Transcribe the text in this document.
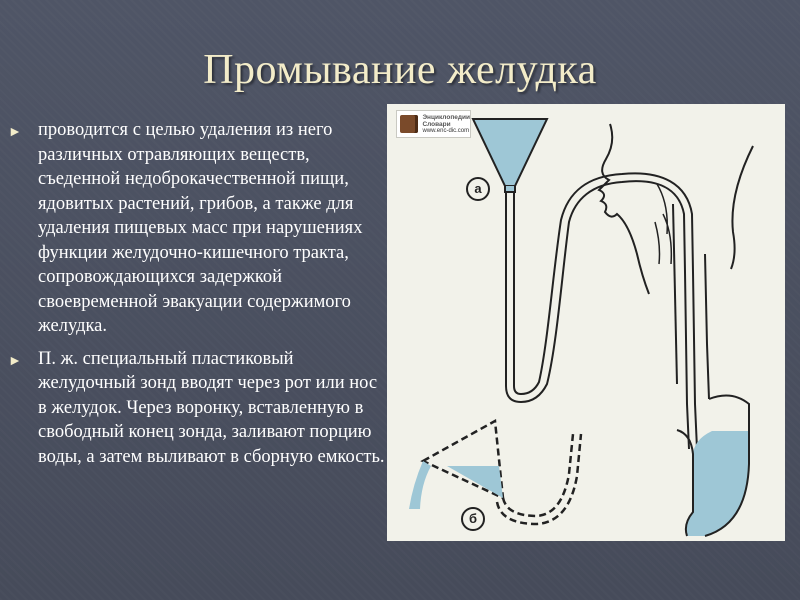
Промывание желудка
► проводится с целью удаления из него различных отравляющих веществ, съеденной недоброкачественной пищи, ядовитых растений, грибов, а также для удаления пищевых масс при нарушениях функции желудочно-кишечного тракта, сопровождающихся задержкой своевременной эвакуации содержимого желудка.
► П. ж. специальный пластиковый желудочный зонд вводят через рот или нос в желудок. Через воронку, вставленную в свободный конец зонда, заливают порцию воды, а затем выливают в сборную емкость.
Энциклопедии
Словари
www.enc-dic.com
а
б
